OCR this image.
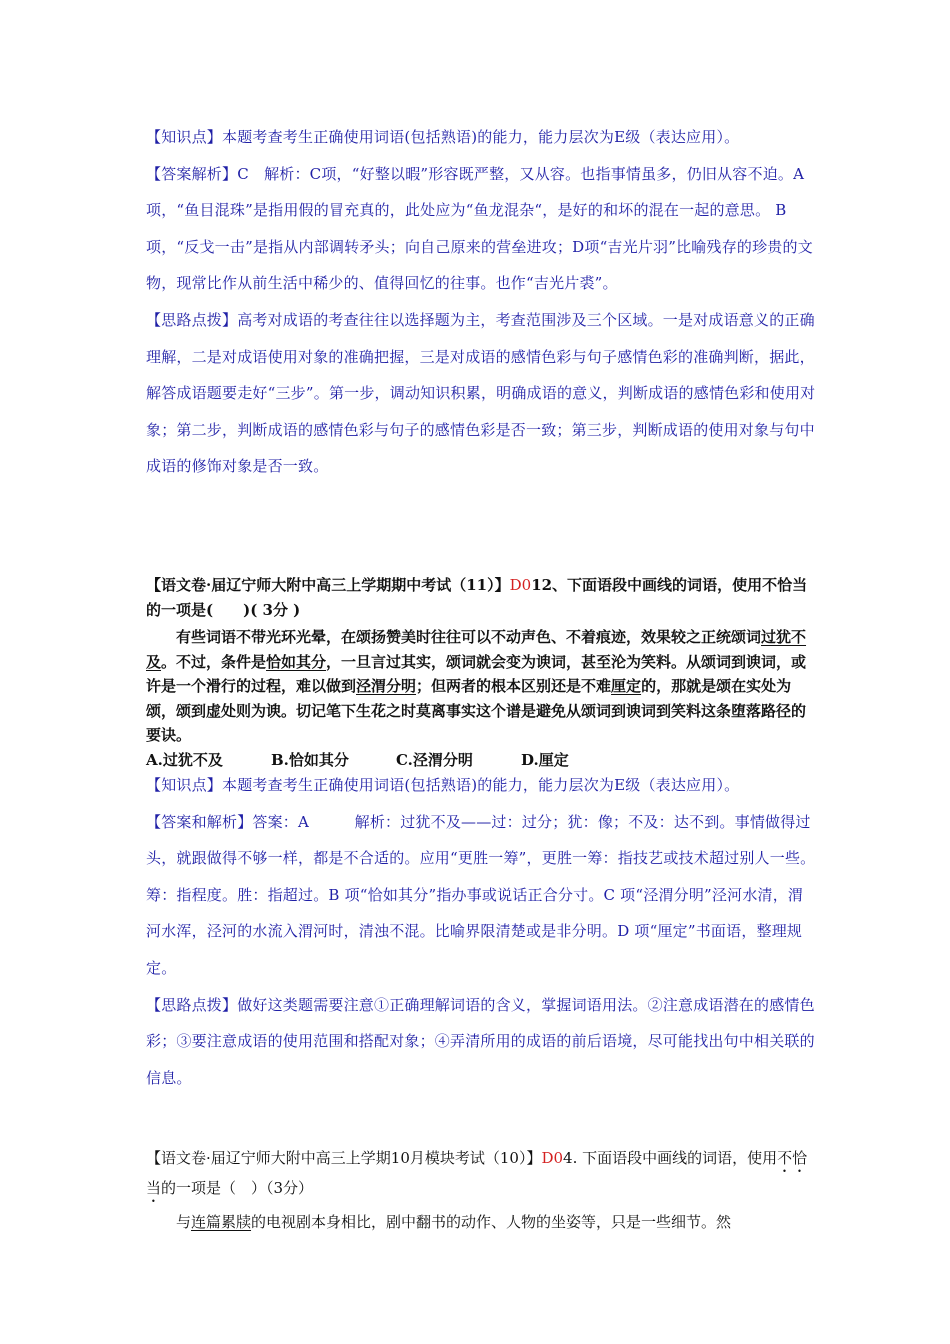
【知识点】本题考查考生正确使用词语(包括熟语)的能力，能力层次为E级（表达应用）。
【答案解析】C　解析：C项，“好整以暇”形容既严整，又从容。也指事情虽多，仍旧从容不迫。A项，“鱼目混珠”是指用假的冒充真的，此处应为“鱼龙混杂“，是好的和坏的混在一起的意思。 B项，“反戈一击”是指从内部调转矛头；向自己原来的营垒进攻；D项“吉光片羽”比喻残存的珍贵的文物，现常比作从前生活中稀少的、值得回忆的往事。也作“吉光片裘”。
【思路点拨】高考对成语的考查往往以选择题为主，考查范围涉及三个区域。一是对成语意义的正确理解，二是对成语使用对象的准确把握，三是对成语的感情色彩与句子感情色彩的准确判断，据此，解答成语题要走好“三步”。第一步，调动知识积累，明确成语的意义，判断成语的感情色彩和使用对象；第二步，判断成语的感情色彩与句子的感情色彩是否一致；第三步，判断成语的使用对象与句中成语的修饰对象是否一致。
【语文卷·届辽宁师大附中高三上学期期中考试（11）】D012、下面语段中画线的词语，使用不恰当的一项是(　　)( 3分 )
有些词语不带光环光晕，在颂扬赞美时往往可以不动声色、不着痕迹，效果较之正统颂词过犹不及。不过，条件是恰如其分，一旦言过其实，颂词就会变为谀词，甚至沦为笑料。从颂词到谀词，或许是一个滑行的过程，难以做到泾渭分明；但两者的根本区别还是不难厘定的，那就是颂在实处为颂，颂到虚处则为谀。切记笔下生花之时莫离事实这个谱是避免从颂词到谀词到笑料这条堕落路径的要诀。
A.过犹不及	B.恰如其分	C.泾渭分明	D.厘定
【知识点】本题考查考生正确使用词语(包括熟语)的能力，能力层次为E级（表达应用）。
【答案和解析】答案：A　　　解析：过犹不及——过：过分；犹：像；不及：达不到。事情做得过头，就跟做得不够一样，都是不合适的。应用“更胜一筹”，更胜一筹：指技艺或技术超过别人一些。筹：指程度。胜：指超过。B 项“恰如其分”指办事或说话正合分寸。C 项“泾渭分明”泾河水清，渭河水浑，泾河的水流入渭河时，清浊不混。比喻界限清楚或是非分明。D 项“厘定”书面语，整理规定。
【思路点拨】做好这类题需要注意①正确理解词语的含义，掌握词语用法。②注意成语潜在的感情色彩；③要注意成语的使用范围和搭配对象；④弄清所用的成语的前后语境，尽可能找出句中相关联的信息。
【语文卷·届辽宁师大附中高三上学期10月模块考试（10）】D04. 下面语段中画线的词语，使用不恰当的一项是（　）（3分）
与连篇累牍的电视剧本身相比，剧中翻书的动作、人物的坐姿等，只是一些细节。然
